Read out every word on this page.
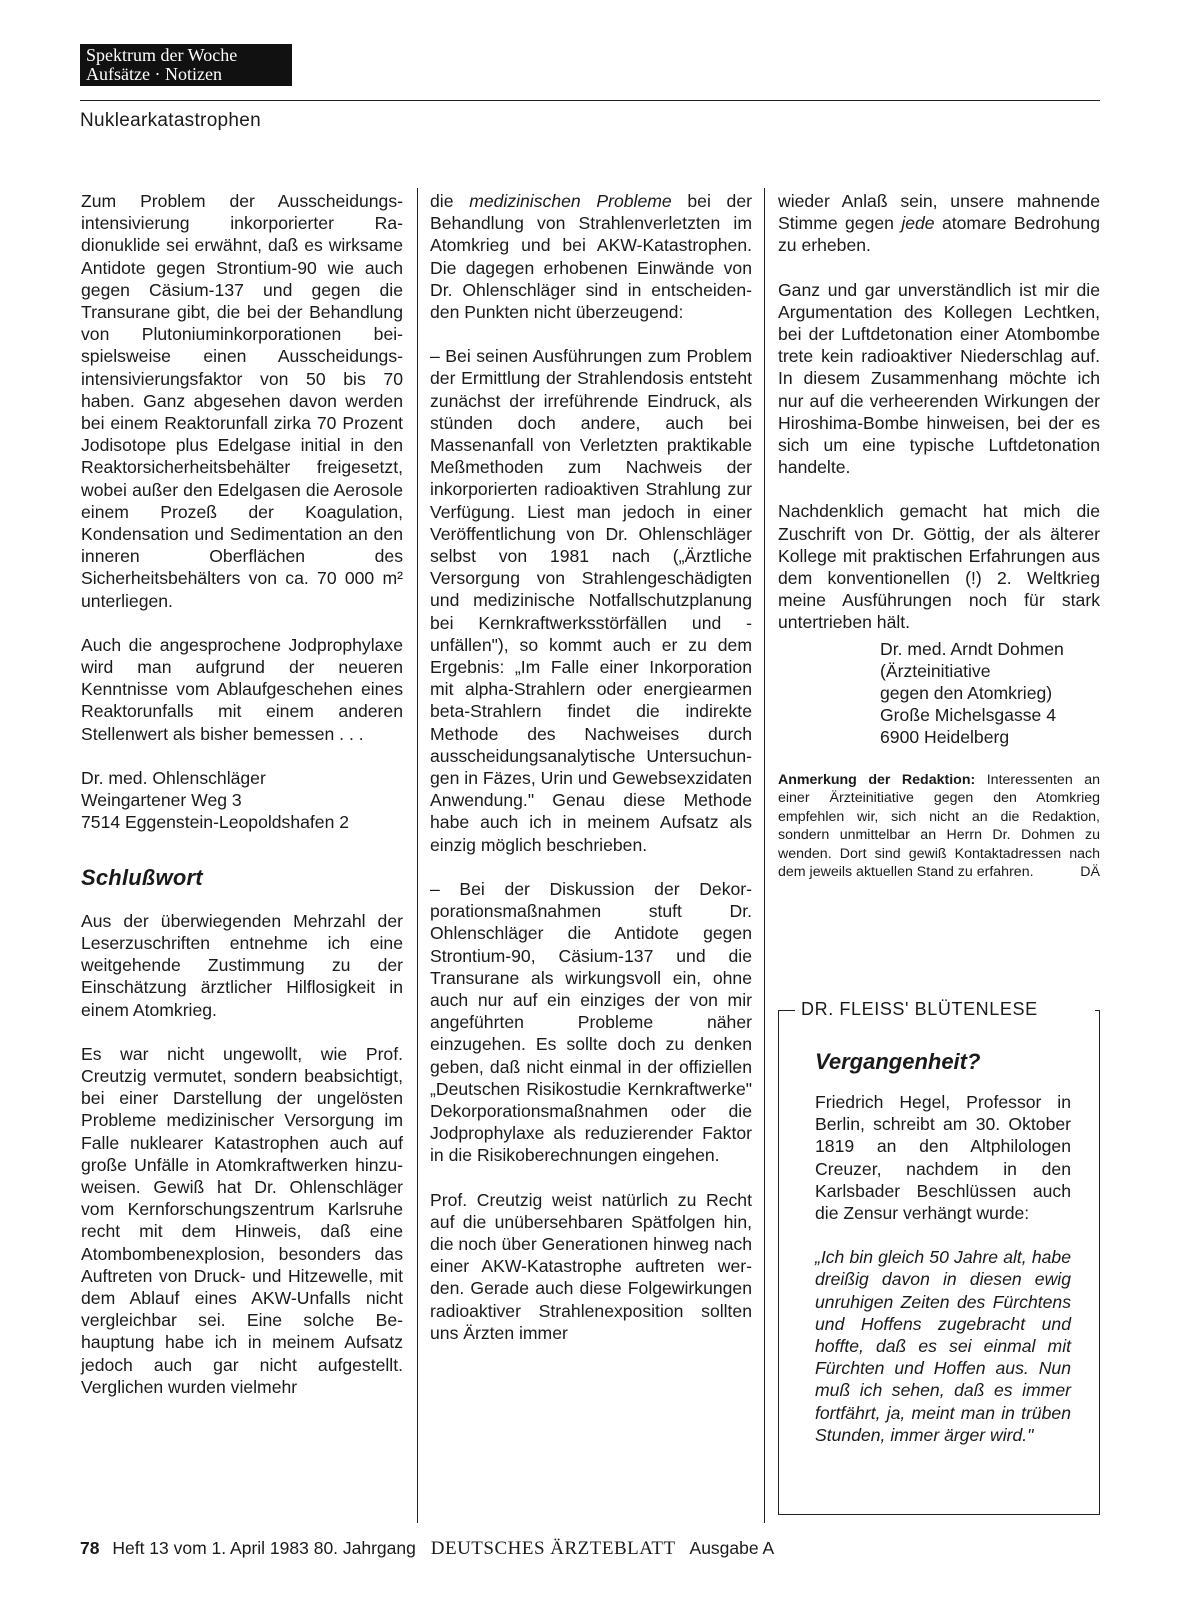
Spektrum der Woche
Aufsätze · Notizen
Nuklearkatastrophen

Zum Problem der Ausscheidungsintensivierung inkorporierter Radionuklide sei erwähnt, daß es wirksame Antidote gegen Strontium-90 wie auch gegen Cäsium-137 und gegen die Transurane gibt, die bei der Behandlung von Plutoniuminkorporationen beispielsweise einen Ausscheidungsintensivierungsfaktor von 50 bis 70 haben. Ganz abgesehen davon werden bei einem Reaktorunfall zirka 70 Prozent Jodisotope plus Edelgase initial in den Reaktorsicherheitsbehälter freigesetzt, wobei außer den Edelgasen die Aerosole einem Prozeß der Koagulation, Kondensation und Sedimentation an den inneren Oberflächen des Sicherheitsbehälters von ca. 70 000 m² unterliegen.

Auch die angesprochene Jodprophylaxe wird man aufgrund der neueren Kenntnisse vom Ablaufgeschehen eines Reaktorunfalls mit einem anderen Stellenwert als bisher bemessen . . .

Dr. med. Ohlenschläger
Weingartener Weg 3
7514 Eggenstein-Leopoldshafen 2
Schlußwort

Aus der überwiegenden Mehrzahl der Leserzuschriften entnehme ich eine weitgehende Zustimmung zu der Einschätzung ärztlicher Hilflosigkeit in einem Atomkrieg.

Es war nicht ungewollt, wie Prof. Creutzig vermutet, sondern beabsichtigt, bei einer Darstellung der ungelösten Probleme medizinischer Versorgung im Falle nuklearer Katastrophen auch auf große Unfälle in Atomkraftwerken hinzuweisen. Gewiß hat Dr. Ohlenschläger vom Kernforschungszentrum Karlsruhe recht mit dem Hinweis, daß eine Atombombenexplosion, besonders das Auftreten von Druck- und Hitzewelle, mit dem Ablauf eines AKW-Unfalls nicht vergleichbar sei. Eine solche Behauptung habe ich in meinem Aufsatz jedoch auch gar nicht aufgestellt. Verglichen wurden vielmehr

die medizinischen Probleme bei der Behandlung von Strahlenverletzten im Atomkrieg und bei AKW-Katastrophen. Die dagegen erhobenen Einwände von Dr. Ohlenschläger sind in entscheidenden Punkten nicht überzeugend:

– Bei seinen Ausführungen zum Problem der Ermittlung der Strahlendosis entsteht zunächst der irreführende Eindruck, als stünden doch andere, auch bei Massenanfall von Verletzten praktikable Meßmethoden zum Nachweis der inkorporierten radioaktiven Strahlung zur Verfügung. Liest man jedoch in einer Veröffentlichung von Dr. Ohlenschläger selbst von 1981 nach („Ärztliche Versorgung von Strahlengeschädigten und medizinische Notfallschutzplanung bei Kernkraftwerksstörfällen und -unfällen"), so kommt auch er zu dem Ergebnis: „Im Falle einer Inkorporation mit alpha-Strahlern oder energiearmen beta-Strahlern findet die indirekte Methode des Nachweises durch ausscheidungsanalytische Untersuchungen in Fäzes, Urin und Gewebsexzidaten Anwendung." Genau diese Methode habe auch ich in meinem Aufsatz als einzig möglich beschrieben.

– Bei der Diskussion der Dekorporationsmaßnahmen stuft Dr. Ohlenschläger die Antidote gegen Strontium-90, Cäsium-137 und die Transurane als wirkungsvoll ein, ohne auch nur auf ein einziges der von mir angeführten Probleme näher einzugehen. Es sollte doch zu denken geben, daß nicht einmal in der offiziellen „Deutschen Risikostudie Kernkraftwerke" Dekorporationsmaßnahmen oder die Jodprophylaxe als reduzierender Faktor in die Risikoberechnungen eingehen.

Prof. Creutzig weist natürlich zu Recht auf die unübersehbaren Spätfolgen hin, die noch über Generationen hinweg nach einer AKW-Katastrophe auftreten werden. Gerade auch diese Folgewirkungen radioaktiver Strahlenexposition sollten uns Ärzten immer

wieder Anlaß sein, unsere mahnende Stimme gegen jede atomare Bedrohung zu erheben.

Ganz und gar unverständlich ist mir die Argumentation des Kollegen Lechtken, bei der Luftdetonation einer Atombombe trete kein radioaktiver Niederschlag auf. In diesem Zusammenhang möchte ich nur auf die verheerenden Wirkungen der Hiroshima-Bombe hinweisen, bei der es sich um eine typische Luftdetonation handelte.

Nachdenklich gemacht hat mich die Zuschrift von Dr. Göttig, der als älterer Kollege mit praktischen Erfahrungen aus dem konventionellen (!) 2. Weltkrieg meine Ausführungen noch für stark untertrieben hält.

Dr. med. Arndt Dohmen
(Ärzteinitiative
gegen den Atomkrieg)
Große Michelsgasse 4
6900 Heidelberg
Anmerkung der Redaktion: Interessenten an einer Ärzteinitiative gegen den Atomkrieg empfehlen wir, sich nicht an die Redaktion, sondern unmittelbar an Herrn Dr. Dohmen zu wenden. Dort sind gewiß Kontaktadressen nach dem jeweils aktuellen Stand zu erfahren.	DÄ
DR. FLEISS' BLÜTENLESE
Vergangenheit?

Friedrich Hegel, Professor in Berlin, schreibt am 30. Oktober 1819 an den Altphilologen Creuzer, nachdem in den Karlsbader Beschlüssen auch die Zensur verhängt wurde:

„Ich bin gleich 50 Jahre alt, habe dreißig davon in diesen ewig unruhigen Zeiten des Fürchtens und Hoffens zugebracht und hoffte, daß es sei einmal mit Fürchten und Hoffen aus. Nun muß ich sehen, daß es immer fortfährt, ja, meint man in trüben Stunden, immer ärger wird."

78 Heft 13 vom 1. April 1983 80. Jahrgang DEUTSCHES ÄRZTEBLATT Ausgabe A
